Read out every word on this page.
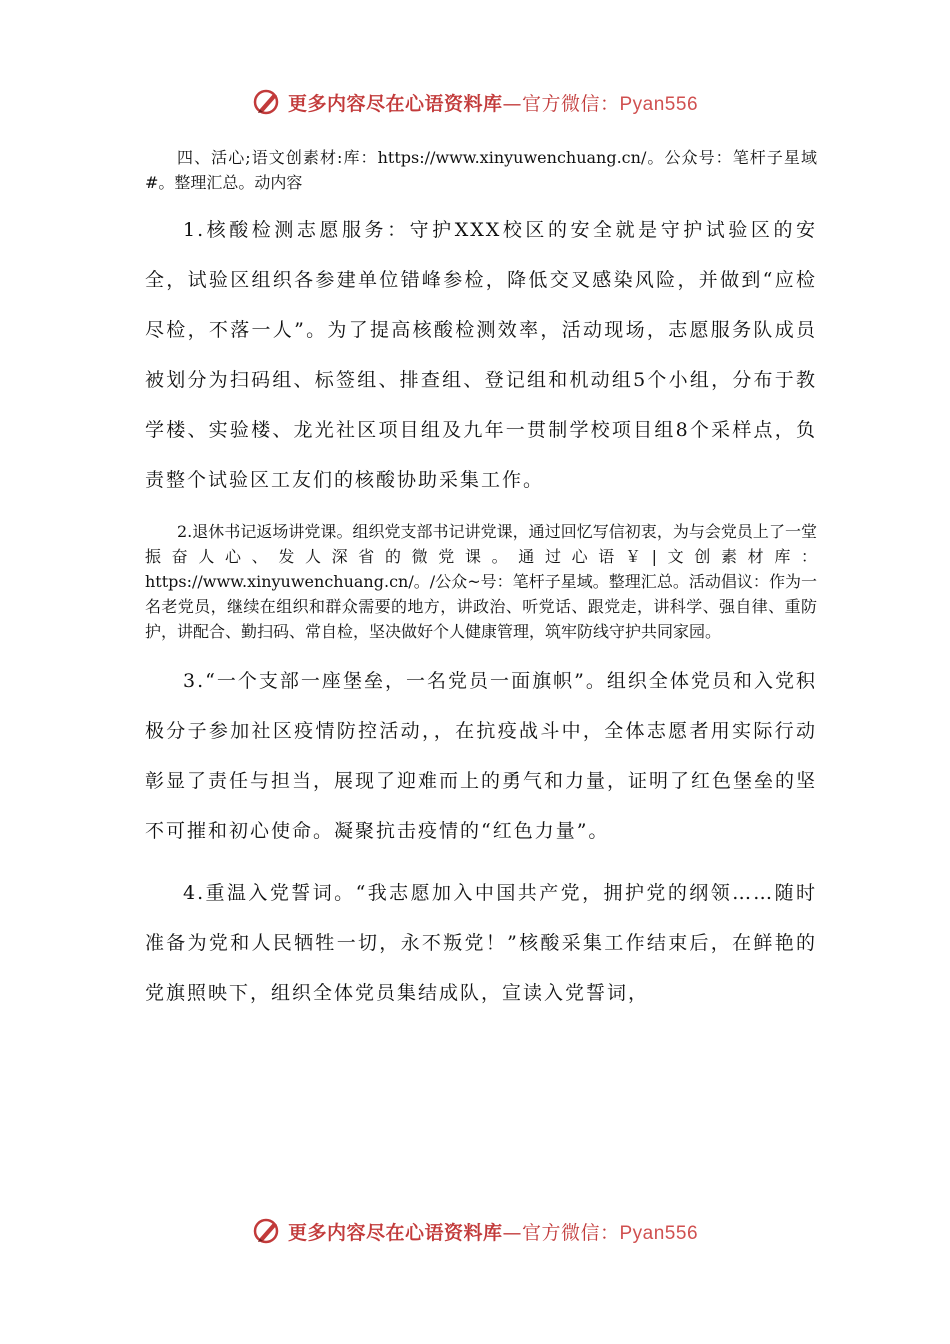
更多内容尽在心语资料库—官方微信：Pyan556

四、活心;语文创素材:库：https://www.xinyuwenchuang.cn/。公众号：笔杆子星域#。整理汇总。动内容

1.核酸检测志愿服务：守护XXX校区的安全就是守护试验区的安全，试验区组织各参建单位错峰参检，降低交叉感染风险，并做到“应检尽检，不落一人”。为了提高核酸检测效率，活动现场，志愿服务队成员被划分为扫码组、标签组、排查组、登记组和机动组5个小组，分布于教学楼、实验楼、龙光社区项目组及九年一贯制学校项目组8个采样点，负责整个试验区工友们的核酸协助采集工作。

2.退休书记返场讲党课。组织党支部书记讲党课，通过回忆写信初衷，为与会党员上了一堂振奋人心、发人深省的微党课。通过心语￥|文创素材库：https://www.xinyuwenchuang.cn/。/公众~号：笔杆子星域。整理汇总。活动倡议：作为一名老党员，继续在组织和群众需要的地方，讲政治、听党话、跟党走，讲科学、强自律、重防护，讲配合、勤扫码、常自检，坚决做好个人健康管理，筑牢防线守护共同家园。

3.“一个支部一座堡垒，一名党员一面旗帜”。组织全体党员和入党积极分子参加社区疫情防控活动，，在抗疫战斗中，全体志愿者用实际行动彰显了责任与担当，展现了迎难而上的勇气和力量，证明了红色堡垒的坚不可摧和初心使命。凝聚抗击疫情的“红色力量”。

4.重温入党誓词。“我志愿加入中国共产党，拥护党的纲领……随时准备为党和人民牺牲一切，永不叛党！”核酸采集工作结束后，在鲜艳的党旗照映下，组织全体党员集结成队，宣读入党誓词，

更多内容尽在心语资料库—官方微信：Pyan556
